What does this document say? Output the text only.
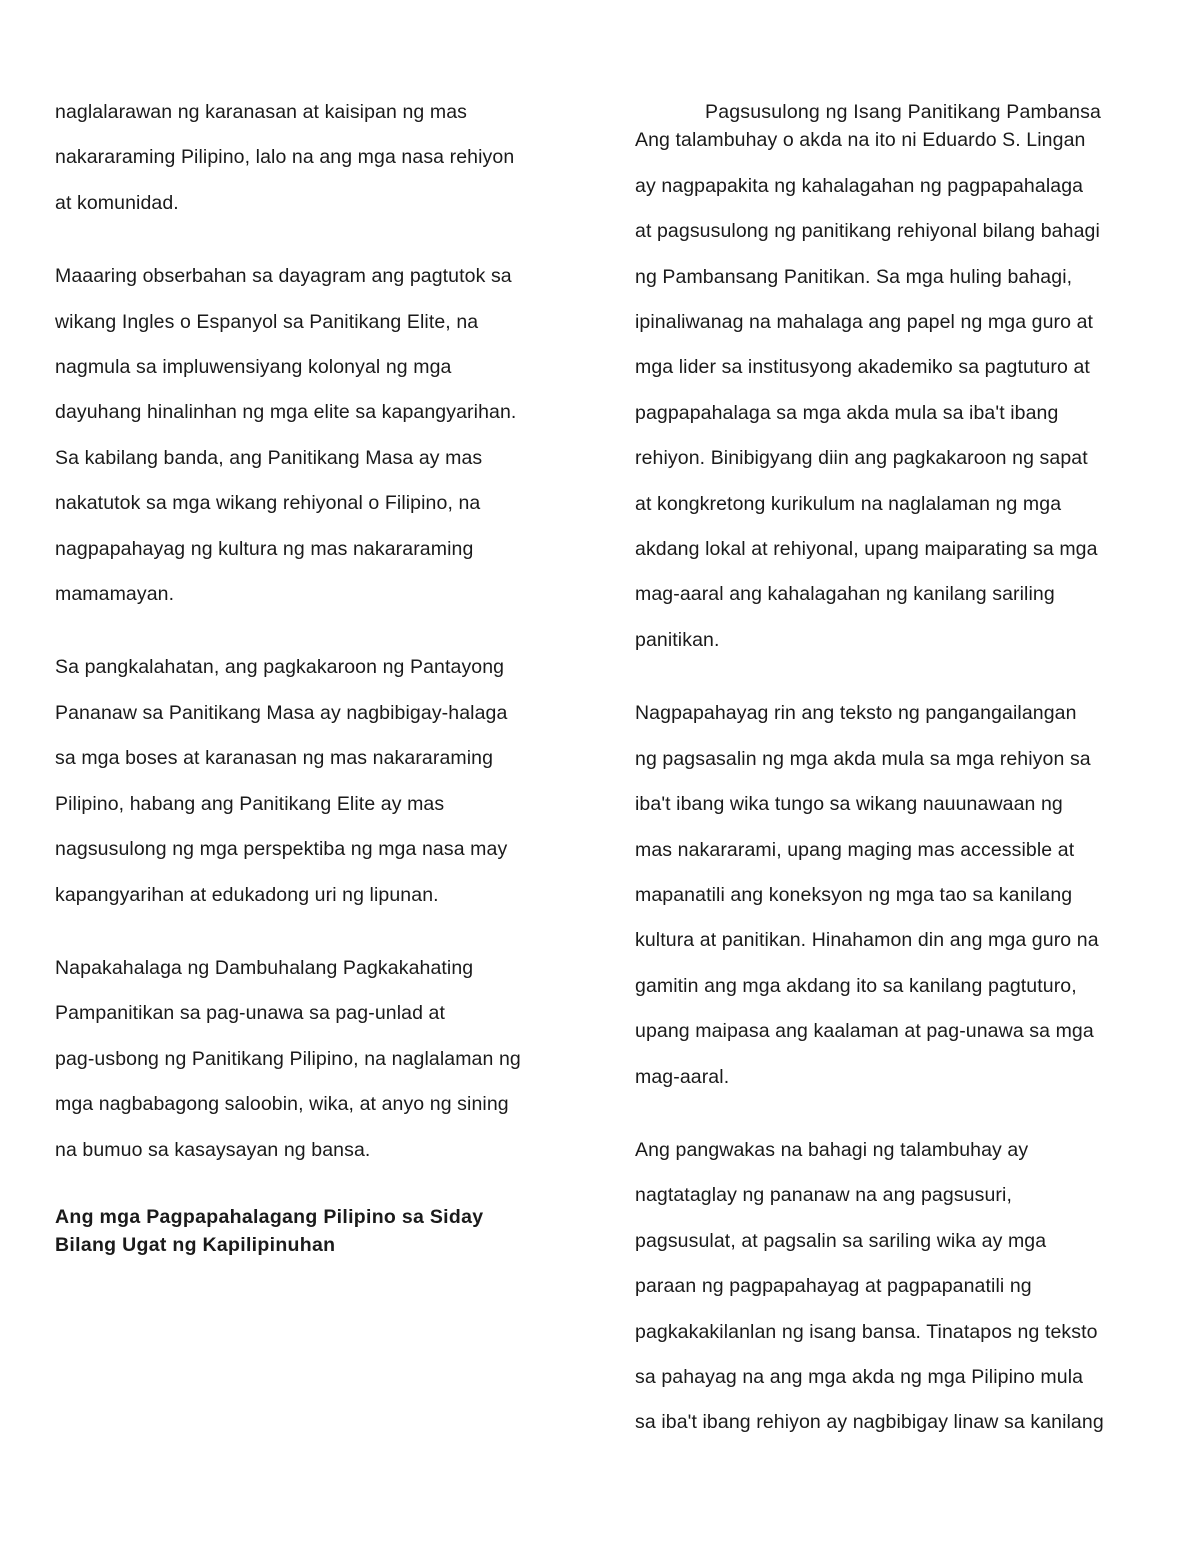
naglalarawan ng karanasan at kaisipan ng mas
nakararaming Pilipino, lalo na ang mga nasa rehiyon
at komunidad.
Maaaring obserbahan sa dayagram ang pagtutok sa
wikang Ingles o Espanyol sa Panitikang Elite, na
nagmula sa impluwensiyang kolonyal ng mga
dayuhang hinalinhan ng mga elite sa kapangyarihan.
Sa kabilang banda, ang Panitikang Masa ay mas
nakatutok sa mga wikang rehiyonal o Filipino, na
nagpapahayag ng kultura ng mas nakararaming
mamamayan.
Sa pangkalahatan, ang pagkakaroon ng Pantayong
Pananaw sa Panitikang Masa ay nagbibigay-halaga
sa mga boses at karanasan ng mas nakararaming
Pilipino, habang ang Panitikang Elite ay mas
nagsusulong ng mga perspektiba ng mga nasa may
kapangyarihan at edukadong uri ng lipunan.
Napakahalaga ng Dambuhalang Pagkakahating
Pampanitikan sa pag-unawa sa pag-unlad at
pag-usbong ng Panitikang Pilipino, na naglalaman ng
mga nagbabagong saloobin, wika, at anyo ng sining
na bumuo sa kasaysayan ng bansa.
Ang mga Pagpapahalagang Pilipino sa Siday
Bilang Ugat ng Kapilipinuhan
Pagsusulong ng Isang Panitikang Pambansa
Ang talambuhay o akda na ito ni Eduardo S. Lingan
ay nagpapakita ng kahalagahan ng pagpapahalaga
at pagsusulong ng panitikang rehiyonal bilang bahagi
ng Pambansang Panitikan. Sa mga huling bahagi,
ipinaliwanag na mahalaga ang papel ng mga guro at
mga lider sa institusyong akademiko sa pagtuturo at
pagpapahalaga sa mga akda mula sa iba't ibang
rehiyon. Binibigyang diin ang pagkakaroon ng sapat
at kongkretong kurikulum na naglalaman ng mga
akdang lokal at rehiyonal, upang maiparating sa mga
mag-aaral ang kahalagahan ng kanilang sariling
panitikan.
Nagpapahayag rin ang teksto ng pangangailangan
ng pagsasalin ng mga akda mula sa mga rehiyon sa
iba't ibang wika tungo sa wikang nauunawaan ng
mas nakararami, upang maging mas accessible at
mapanatili ang koneksyon ng mga tao sa kanilang
kultura at panitikan. Hinahamon din ang mga guro na
gamitin ang mga akdang ito sa kanilang pagtuturo,
upang maipasa ang kaalaman at pag-unawa sa mga
mag-aaral.
Ang pangwakas na bahagi ng talambuhay ay
nagtataglay ng pananaw na ang pagsusuri,
pagsusulat, at pagsalin sa sariling wika ay mga
paraan ng pagpapahayag at pagpapanatili ng
pagkakakilanlan ng isang bansa. Tinatapos ng teksto
sa pahayag na ang mga akda ng mga Pilipino mula
sa iba't ibang rehiyon ay nagbibigay linaw sa kanilang
